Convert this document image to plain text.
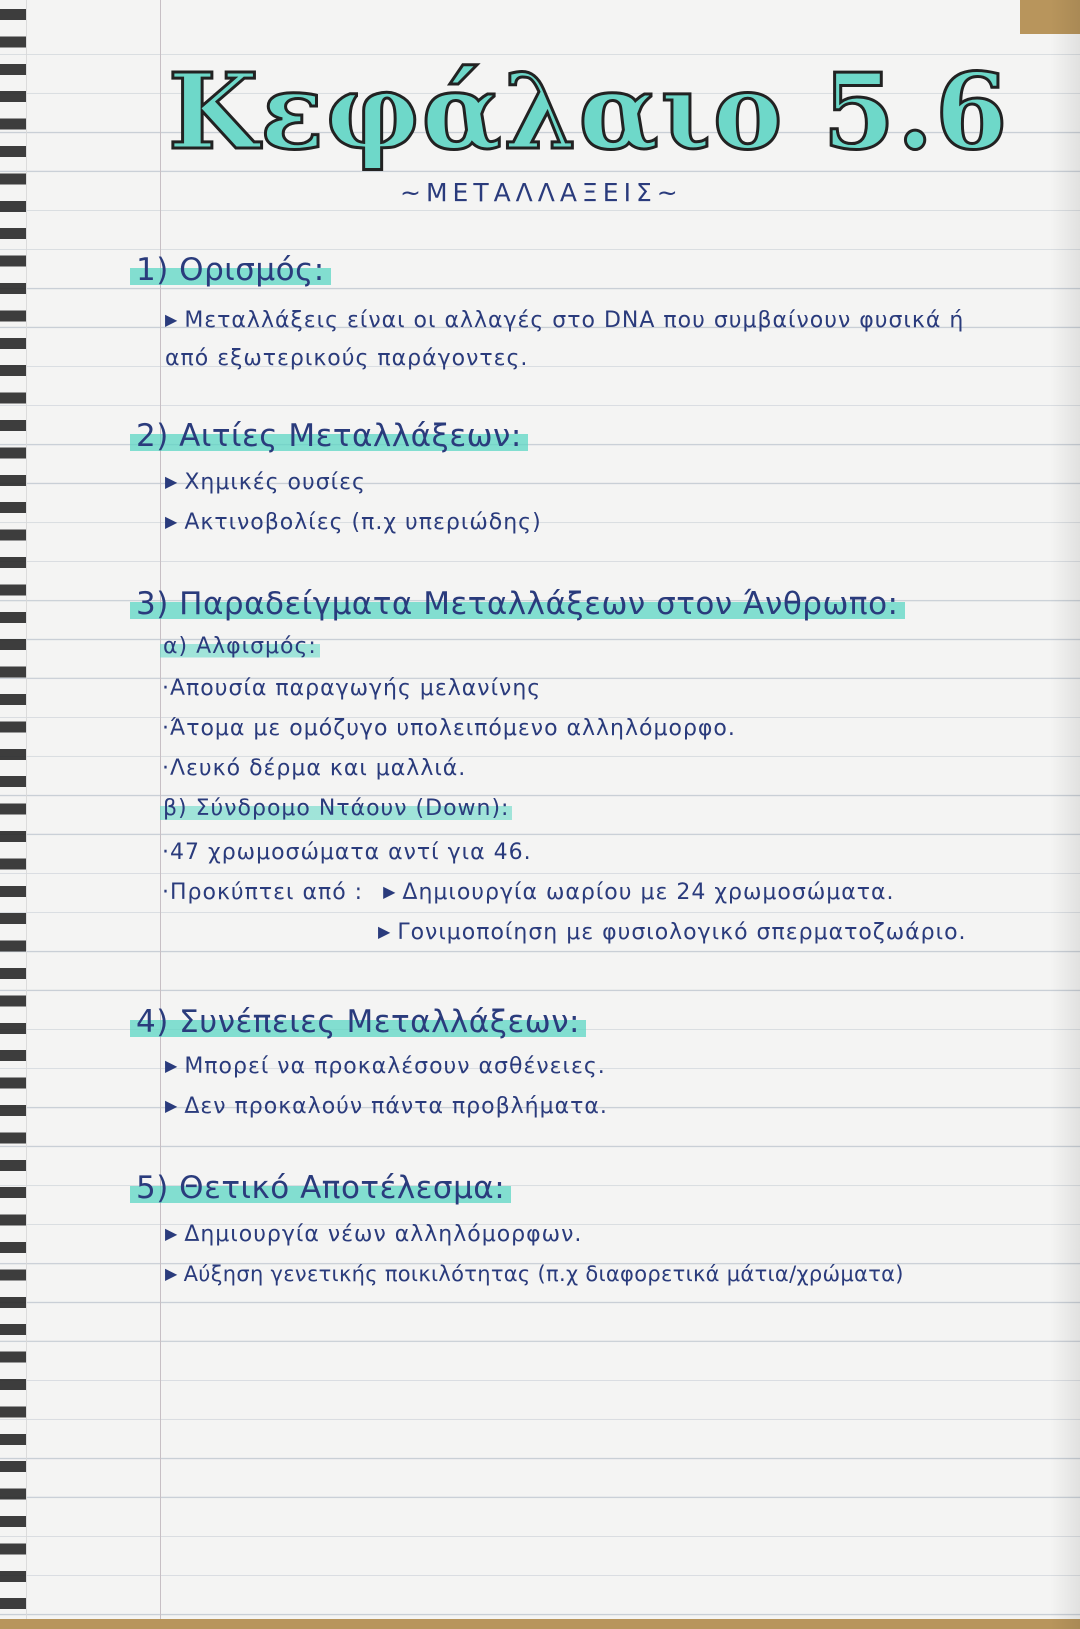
Κεφάλαιο 5.6
~ΜΕΤΑΛΛΑΞΕΙΣ~
1) Ορισμός:
▶ Μεταλλάξεις είναι οι αλλαγές στο DNA που συμβαίνουν φυσικά ή
από εξωτερικούς παράγοντες.
2) Αιτίες Μεταλλάξεων:
▶ Χημικές ουσίες
▶ Ακτινοβολίες (π.χ υπεριώδης)
3) Παραδείγματα Μεταλλάξεων στον Άνθρωπο:
α) Αλφισμός:
·Απουσία παραγωγής μελανίνης
·Άτομα με ομόζυγο υπολειπόμενο αλληλόμορφο.
·Λευκό δέρμα και μαλλιά.
β) Σύνδρομο Ντάουν (Down):
·47 χρωμοσώματα αντί για 46.
·Προκύπτει από : ▶ Δημιουργία ωαρίου με 24 χρωμοσώματα.
▶ Γονιμοποίηση με φυσιολογικό σπερματοζωάριο.
4) Συνέπειες Μεταλλάξεων:
▶ Μπορεί να προκαλέσουν ασθένειες.
▶ Δεν προκαλούν πάντα προβλήματα.
5) Θετικό Αποτέλεσμα:
▶ Δημιουργία νέων αλληλόμορφων.
▶ Αύξηση γενετικής ποικιλότητας (π.χ διαφορετικά μάτια/χρώματα)
